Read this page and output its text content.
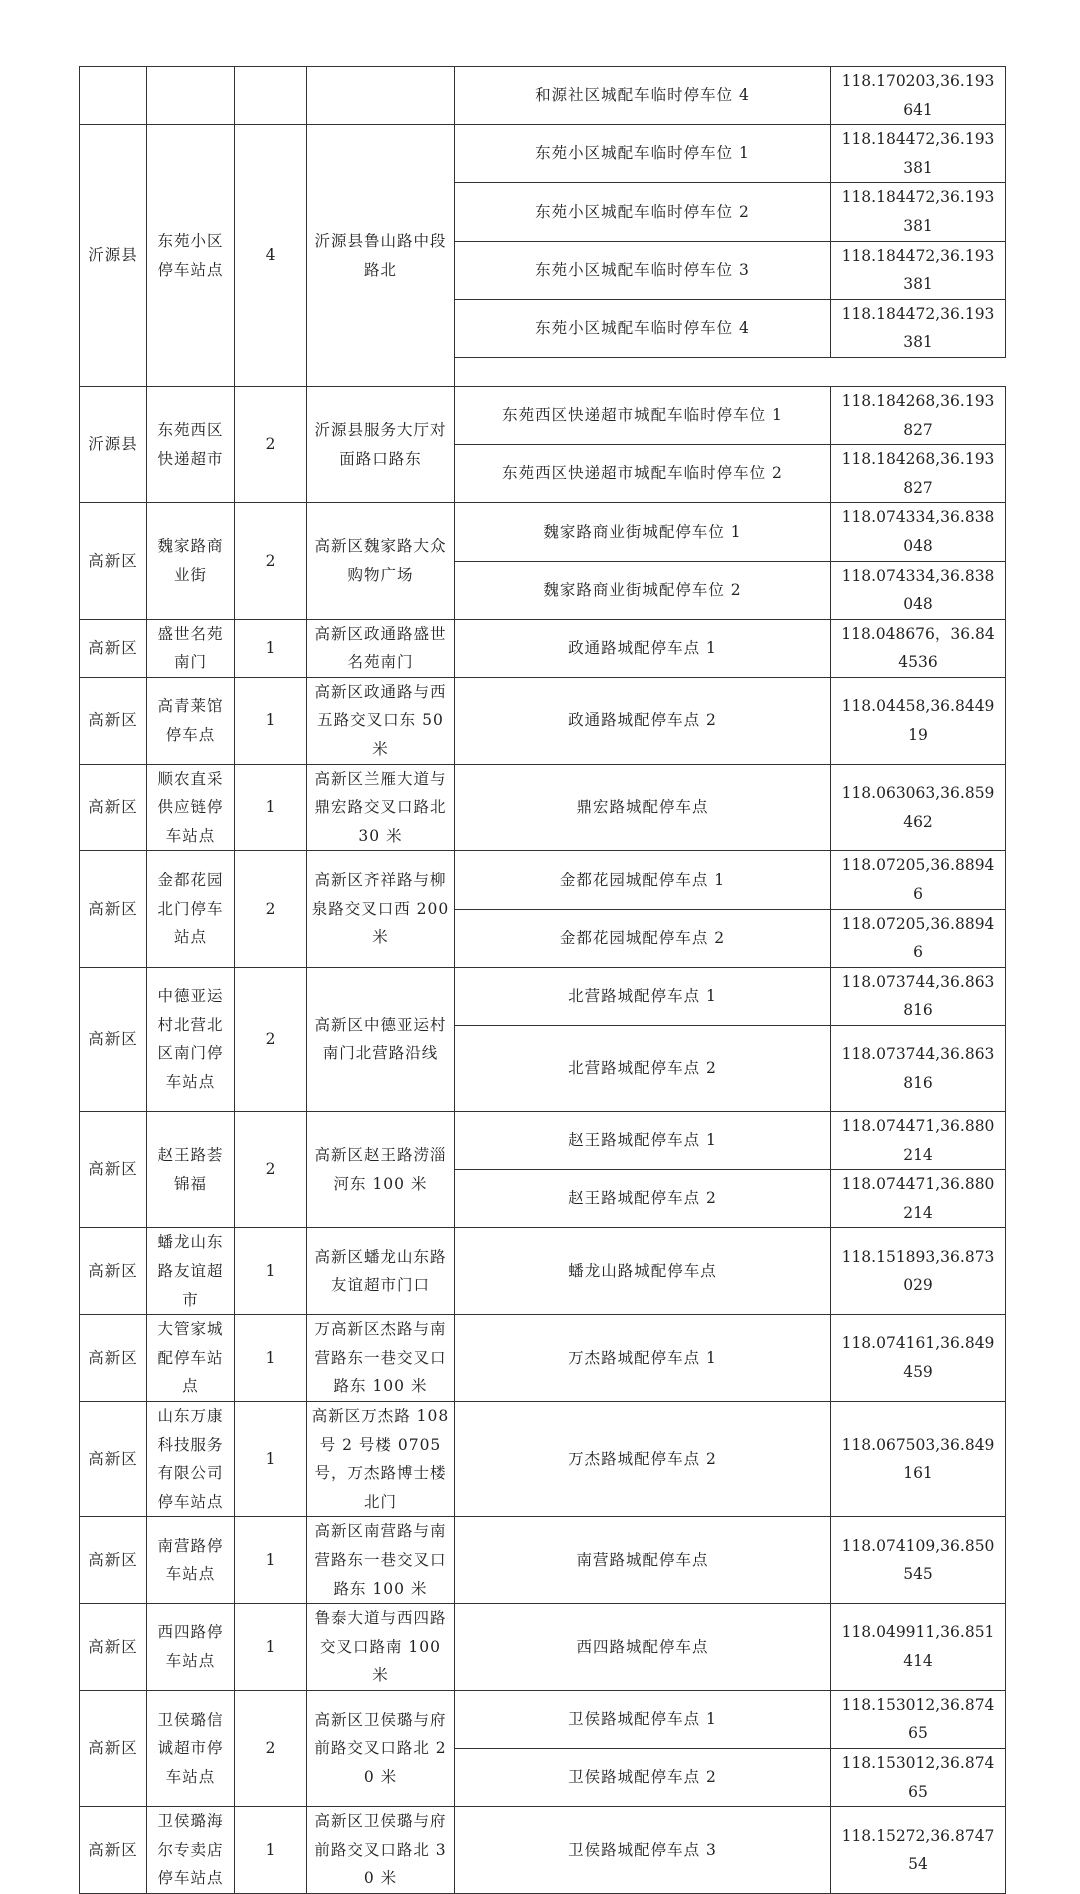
				和源社区城配车临时停车位 4	118.170203,36.193641
沂源县	东苑小区停车站点	4	沂源县鲁山路中段路北	东苑小区城配车临时停车位 1	118.184472,36.193381
				东苑小区城配车临时停车位 2	118.184472,36.193381
				东苑小区城配车临时停车位 3	118.184472,36.193381
				东苑小区城配车临时停车位 4	118.184472,36.193381

沂源县	东苑西区快递超市	2	沂源县服务大厅对面路口路东	东苑西区快递超市城配车临时停车位 1	118.184268,36.193827
				东苑西区快递超市城配车临时停车位 2	118.184268,36.193827
高新区	魏家路商业街	2	高新区魏家路大众购物广场	魏家路商业街城配停车位 1	118.074334,36.838048
				魏家路商业街城配停车位 2	118.074334,36.838048
高新区	盛世名苑南门	1	高新区政通路盛世名苑南门	政通路城配停车点 1	118.048676，36.844536
高新区	高青莱馆停车点	1	高新区政通路与西五路交叉口东 50 米	政通路城配停车点 2	118.04458,36.844919
高新区	顺农直采供应链停车站点	1	高新区兰雁大道与鼎宏路交叉口路北 30 米	鼎宏路城配停车点	118.063063,36.859462
高新区	金都花园北门停车站点	2	高新区齐祥路与柳泉路交叉口西 200 米	金都花园城配停车点 1	118.07205,36.88946
				金都花园城配停车点 2	118.07205,36.88946
高新区	中德亚运村北营北区南门停车站点	2	高新区中德亚运村南门北营路沿线	北营路城配停车点 1	118.073744,36.863816
				北营路城配停车点 2	118.073744,36.863816
高新区	赵王路荟锦福	2	高新区赵王路涝淄河东 100 米	赵王路城配停车点 1	118.074471,36.880214
				赵王路城配停车点 2	118.074471,36.880214
高新区	蟠龙山东路友谊超市	1	高新区蟠龙山东路友谊超市门口	蟠龙山路城配停车点	118.151893,36.873029
高新区	大管家城配停车站点	1	万高新区杰路与南营路东一巷交叉口路东 100 米	万杰路城配停车点 1	118.074161,36.849459
高新区	山东万康科技服务有限公司停车站点	1	高新区万杰路 108 号 2 号楼 0705 号，万杰路博士楼北门	万杰路城配停车点 2	118.067503,36.849161
高新区	南营路停车站点	1	高新区南营路与南营路东一巷交叉口路东 100 米	南营路城配停车点	118.074109,36.850545
高新区	西四路停车站点	1	鲁泰大道与西四路交叉口路南 100 米	西四路城配停车点	118.049911,36.851414
高新区	卫侯璐信诚超市停车站点	2	高新区卫侯璐与府前路交叉口路北 20 米	卫侯路城配停车点 1	118.153012,36.87465
				卫侯路城配停车点 2	118.153012,36.87465
高新区	卫侯璐海尔专卖店停车站点	1	高新区卫侯璐与府前路交叉口路北 30 米	卫侯路城配停车点 3	118.15272,36.874754
